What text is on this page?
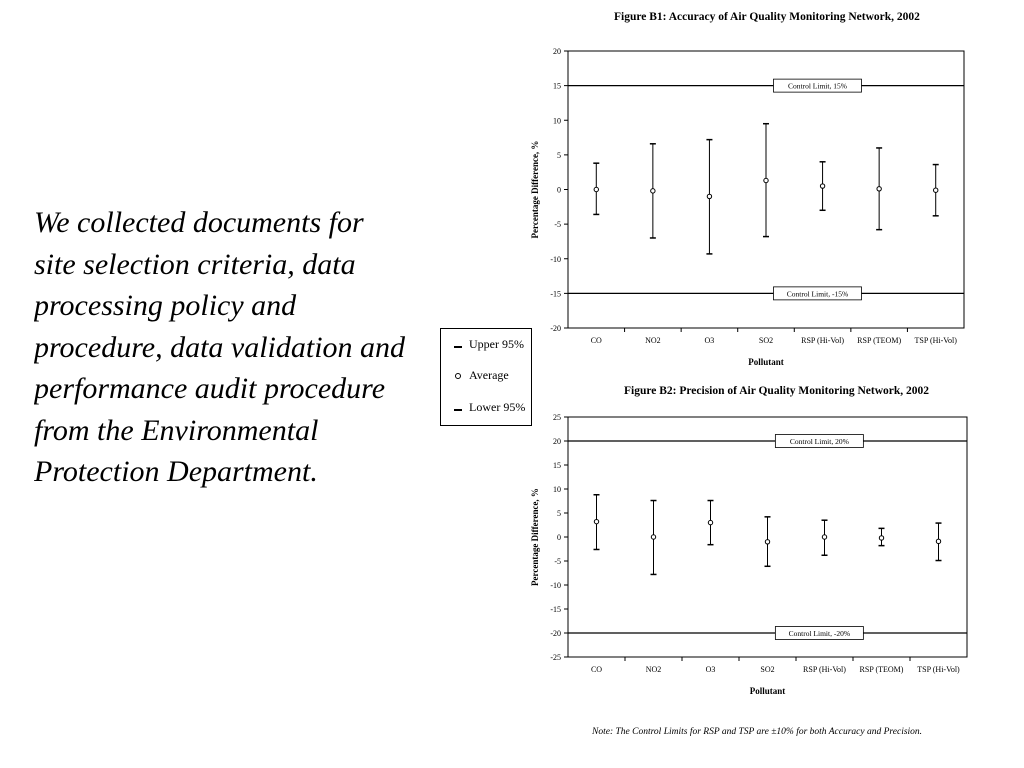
We collected documents for
site selection criteria, data
processing policy and
procedure, data validation and
performance audit procedure
from the Environmental
Protection Department.
Figure B1: Accuracy of Air Quality Monitoring Network, 2002
20
15
10
5
0
-5
-10
-15
-20
CO	NO2	O3	SO2	RSP (Hi-Vol) RSP (TEOM) TSP (Hi-Vol)
Control Limit, 15%
Control Limit, -15%
Pollutant
Percentage Difference, %
Figure B2: Precision of Air Quality Monitoring Network, 2002
25
20
15
10
5
0
-5
-10
-15
-20
-25
CO	NO2	O3	SO2	RSP (Hi-Vol) RSP (TEOM) TSP (Hi-Vol)
Control Limit, 20%
Control Limit, -20%
Pollutant
Percentage Difference, %
Upper 95%
Average
Lower 95%
Note: The Control Limits for RSP and TSP are ±10% for both Accuracy and Precision.
